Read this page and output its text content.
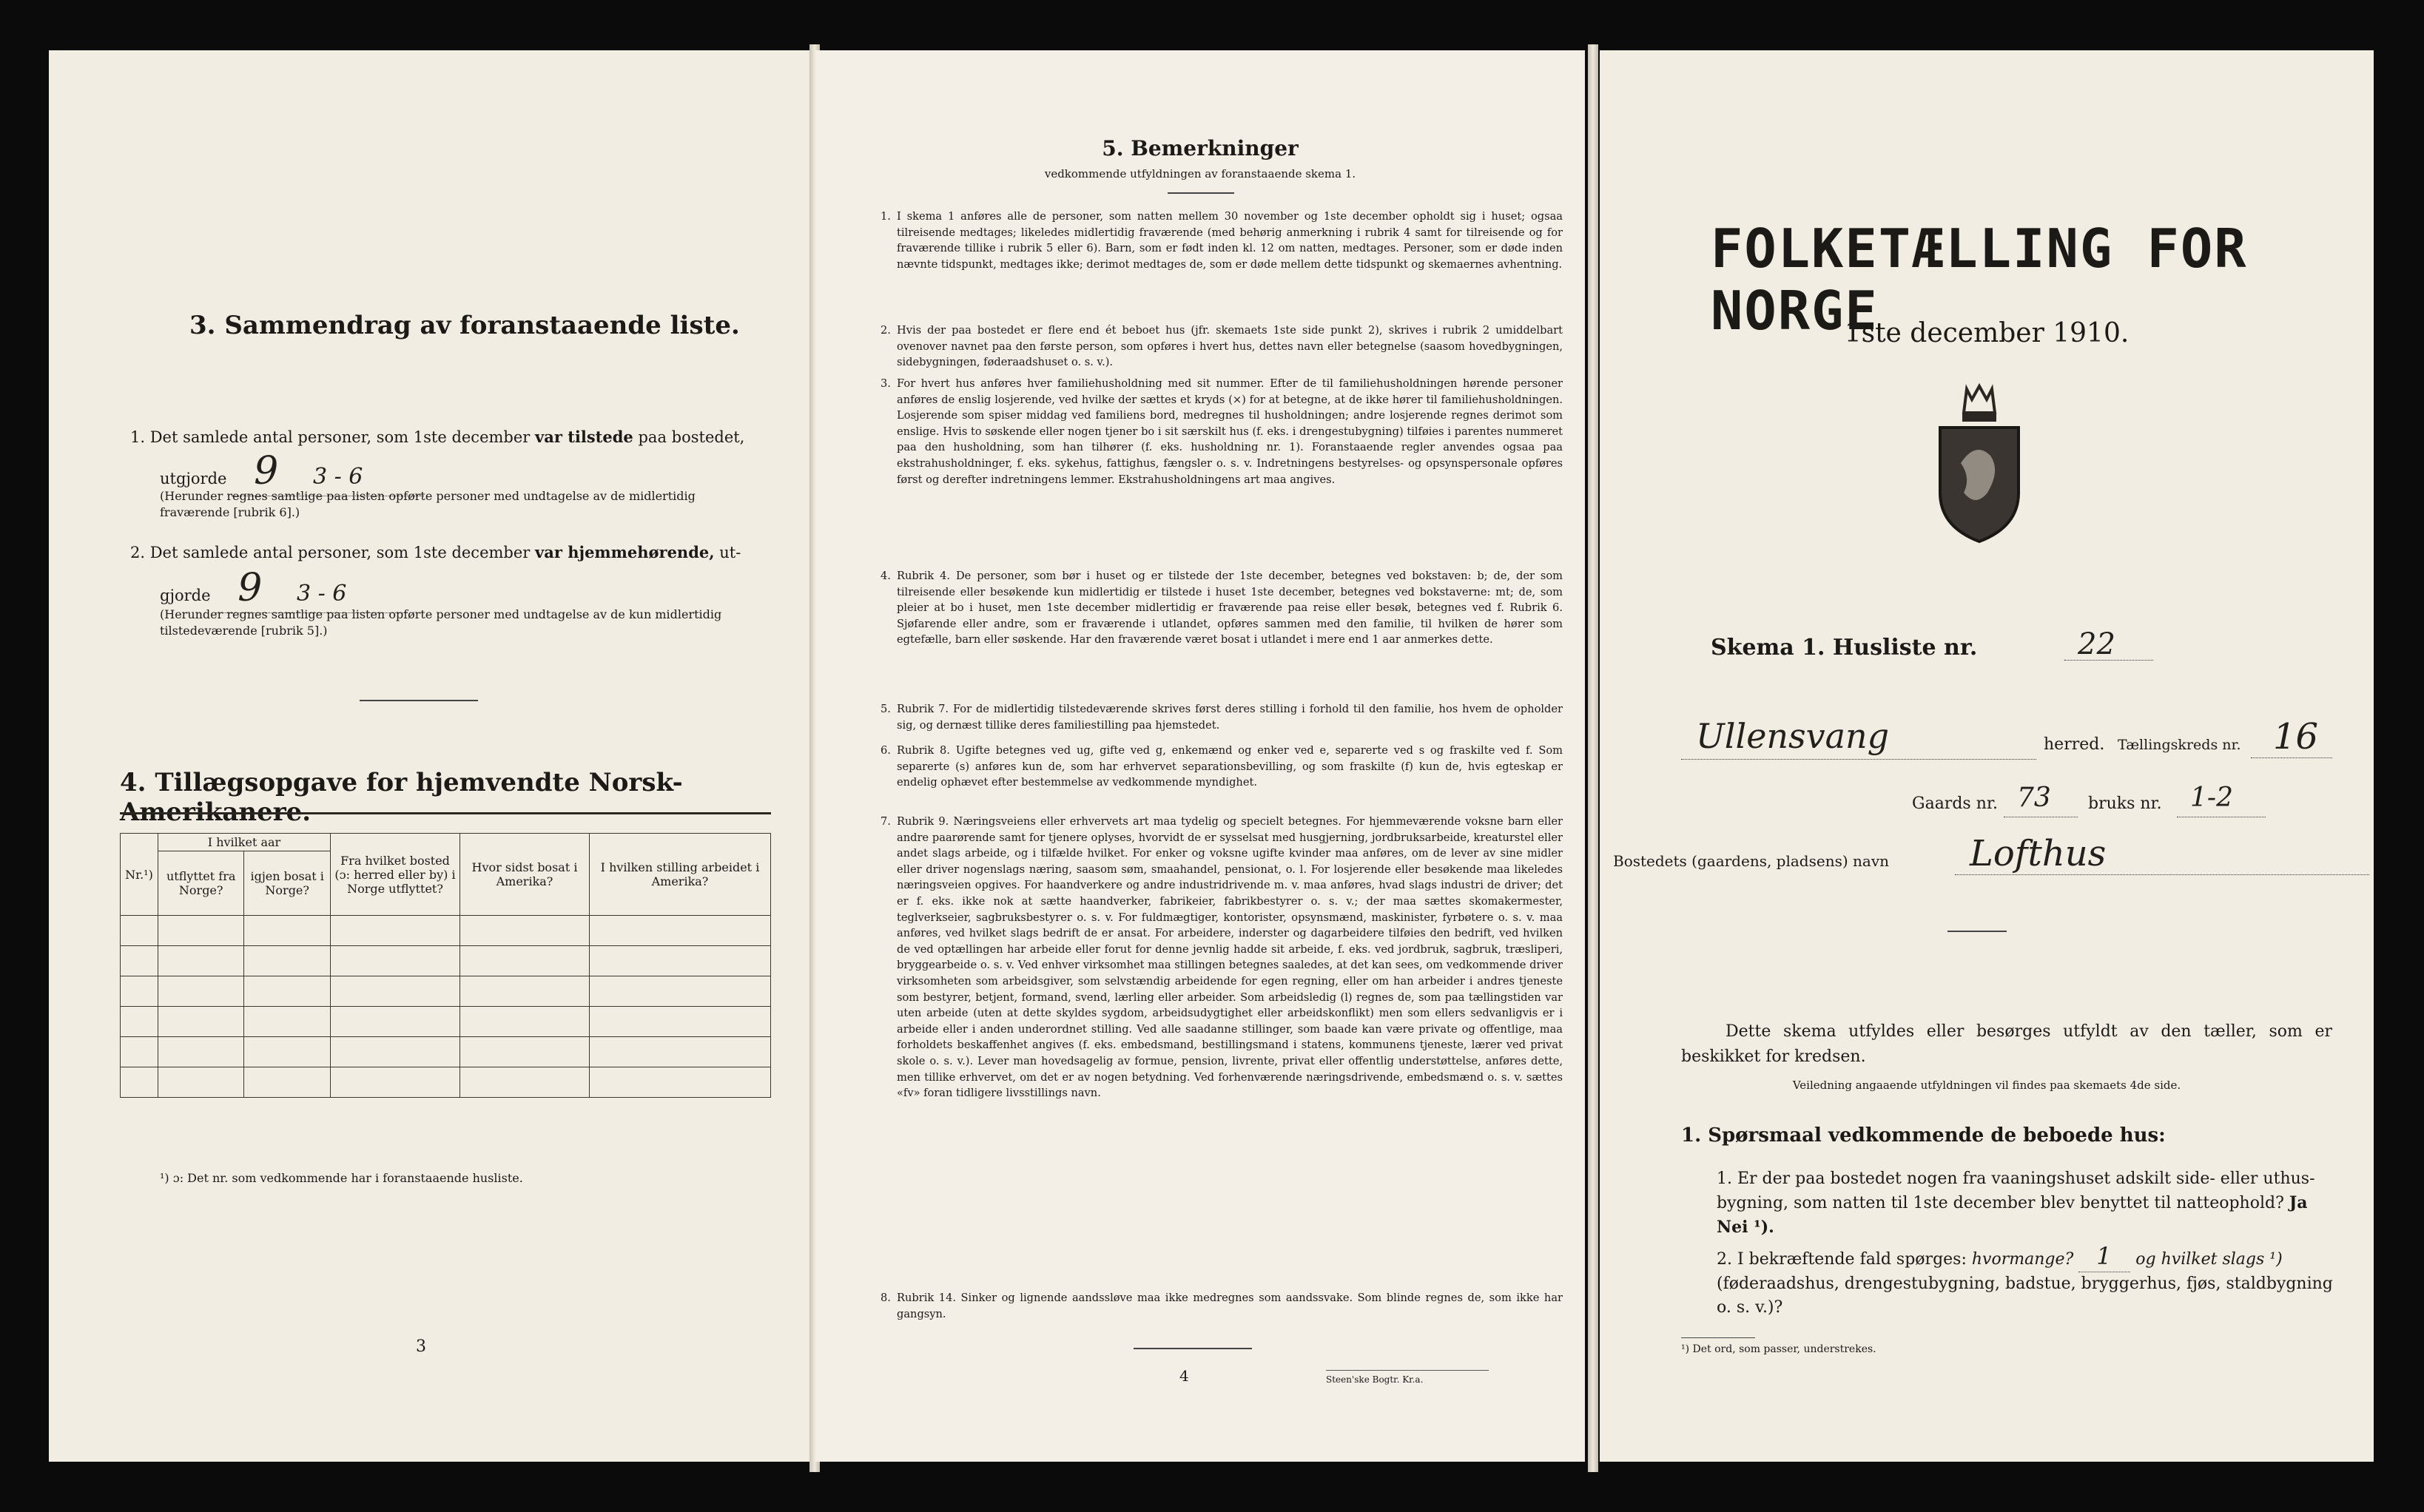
3. Sammendrag av foranstaaende liste.
1. Det samlede antal personer, som 1ste december var tilstede paa bostedet,
utgjorde 9 3 - 6
(Herunder regnes samtlige paa listen opførte personer med undtagelse av de midlertidig fraværende [rubrik 6].)
2. Det samlede antal personer, som 1ste december var hjemmehørende, ut-
gjorde 9 3 - 6
(Herunder regnes samtlige paa listen opførte personer med undtagelse av de kun midlertidig tilstedeværende [rubrik 5].)
4. Tillægsopgave for hjemvendte Norsk-Amerikanere.
Nr.¹)	I hvilket aar		Fra hvilket bosted (ɔ: herred eller by) i Norge utflyttet?	Hvor sidst bosat i Amerika?	I hvilken stilling arbeidet i Amerika?
	utflyttet fra Norge?	igjen bosat i Norge?			

¹) ɔ: Det nr. som vedkommende har i foranstaaende husliste.
3
5. Bemerkninger
vedkommende utfyldningen av foranstaaende skema 1.
1. I skema 1 anføres alle de personer, som natten mellem 30 november og 1ste december opholdt sig i huset; ogsaa tilreisende medtages; likeledes midlertidig fraværende (med behørig anmerkning i rubrik 4 samt for tilreisende og for fraværende tillike i rubrik 5 eller 6). Barn, som er født inden kl. 12 om natten, medtages. Personer, som er døde inden nævnte tidspunkt, medtages ikke; derimot medtages de, som er døde mellem dette tidspunkt og skemaernes avhentning.
2. Hvis der paa bostedet er flere end ét beboet hus (jfr. skemaets 1ste side punkt 2), skrives i rubrik 2 umiddelbart ovenover navnet paa den første person, som opføres i hvert hus, dettes navn eller betegnelse (saasom hovedbygningen, sidebygningen, føderaadshuset o. s. v.).
3. For hvert hus anføres hver familiehusholdning med sit nummer. Efter de til familiehusholdningen hørende personer anføres de enslig losjerende, ved hvilke der sættes et kryds (×) for at betegne, at de ikke hører til familiehusholdningen. Losjerende som spiser middag ved familiens bord, medregnes til husholdningen; andre losjerende regnes derimot som enslige. Hvis to søskende eller nogen tjener bo i sit særskilt hus (f. eks. i drengestubygning) tilføies i parentes nummeret paa den husholdning, som han tilhører (f. eks. husholdning nr. 1). Foranstaaende regler anvendes ogsaa paa ekstrahusholdninger, f. eks. sykehus, fattighus, fængsler o. s. v. Indretningens bestyrelses- og opsynspersonale opføres først og derefter indretningens lemmer. Ekstrahusholdningens art maa angives.
4. Rubrik 4. De personer, som bør i huset og er tilstede der 1ste december, betegnes ved bokstaven: b; de, der som tilreisende eller besøkende kun midlertidig er tilstede i huset 1ste december, betegnes ved bokstaverne: mt; de, som pleier at bo i huset, men 1ste december midlertidig er fraværende paa reise eller besøk, betegnes ved f. Rubrik 6. Sjøfarende eller andre, som er fraværende i utlandet, opføres sammen med den familie, til hvilken de hører som egtefælle, barn eller søskende. Har den fraværende været bosat i utlandet i mere end 1 aar anmerkes dette.
5. Rubrik 7. For de midlertidig tilstedeværende skrives først deres stilling i forhold til den familie, hos hvem de opholder sig, og dernæst tillike deres familiestilling paa hjemstedet.
6. Rubrik 8. Ugifte betegnes ved ug, gifte ved g, enkemænd og enker ved e, separerte ved s og fraskilte ved f. Som separerte (s) anføres kun de, som har erhvervet separationsbevilling, og som fraskilte (f) kun de, hvis egteskap er endelig ophævet efter bestemmelse av vedkommende myndighet.
7. Rubrik 9. Næringsveiens eller erhvervets art maa tydelig og specielt betegnes. For hjemmeværende voksne barn eller andre paarørende samt for tjenere oplyses, hvorvidt de er sysselsat med husgjerning, jordbruksarbeide, kreaturstel eller andet slags arbeide, og i tilfælde hvilket. For enker og voksne ugifte kvinder maa anføres, om de lever av sine midler eller driver nogenslags næring, saasom søm, smaahandel, pensionat, o. l. For losjerende eller besøkende maa likeledes næringsveien opgives. For haandverkere og andre industridrivende m. v. maa anføres, hvad slags industri de driver; det er f. eks. ikke nok at sætte haandverker, fabrikeier, fabrikbestyrer o. s. v.; der maa sættes skomakermester, teglverkseier, sagbruksbestyrer o. s. v. For fuldmægtiger, kontorister, opsynsmænd, maskinister, fyrbøtere o. s. v. maa anføres, ved hvilket slags bedrift de er ansat. For arbeidere, inderster og dagarbeidere tilføies den bedrift, ved hvilken de ved optællingen har arbeide eller forut for denne jevnlig hadde sit arbeide, f. eks. ved jordbruk, sagbruk, træsliperi, bryggearbeide o. s. v. Ved enhver virksomhet maa stillingen betegnes saaledes, at det kan sees, om vedkommende driver virksomheten som arbeidsgiver, som selvstændig arbeidende for egen regning, eller om han arbeider i andres tjeneste som bestyrer, betjent, formand, svend, lærling eller arbeider. Som arbeidsledig (l) regnes de, som paa tællingstiden var uten arbeide (uten at dette skyldes sygdom, arbeidsudygtighet eller arbeidskonflikt) men som ellers sedvanligvis er i arbeide eller i anden underordnet stilling. Ved alle saadanne stillinger, som baade kan være private og offentlige, maa forholdets beskaffenhet angives (f. eks. embedsmand, bestillingsmand i statens, kommunens tjeneste, lærer ved privat skole o. s. v.). Lever man hovedsagelig av formue, pension, livrente, privat eller offentlig understøttelse, anføres dette, men tillike erhvervet, om det er av nogen betydning. Ved forhenværende næringsdrivende, embedsmænd o. s. v. sættes «fv» foran tidligere livsstillings navn.
8. Rubrik 14. Sinker og lignende aandssløve maa ikke medregnes som aandssvake. Som blinde regnes de, som ikke har gangsyn.
4	Steen'ske Bogtr. Kr.a.
FOLKETÆLLING FOR NORGE
1ste december 1910.
Skema 1. Husliste nr.	22
Ullensvang	herred. Tællingskreds nr. 16
Gaards nr. 73	bruks nr.	1-2
Bostedets (gaardens, pladsens) navn	Lofthus
Dette skema utfyldes eller besørges utfyldt av den tæller, som er beskikket for kredsen.
Veiledning angaaende utfyldningen vil findes paa skemaets 4de side.
1. Spørsmaal vedkommende de beboede hus:
1. Er der paa bostedet nogen fra vaaningshuset adskilt side- eller uthus-bygning, som natten til 1ste december blev benyttet til natteophold? Ja Nei ¹).
2. I bekræftende fald spørges: hvormange? 1 og hvilket slags ¹) (føderaadshus, drengestubygning, badstue, bryggerhus, fjøs, staldbygning o. s. v.)?
¹) Det ord, som passer, understrekes.
